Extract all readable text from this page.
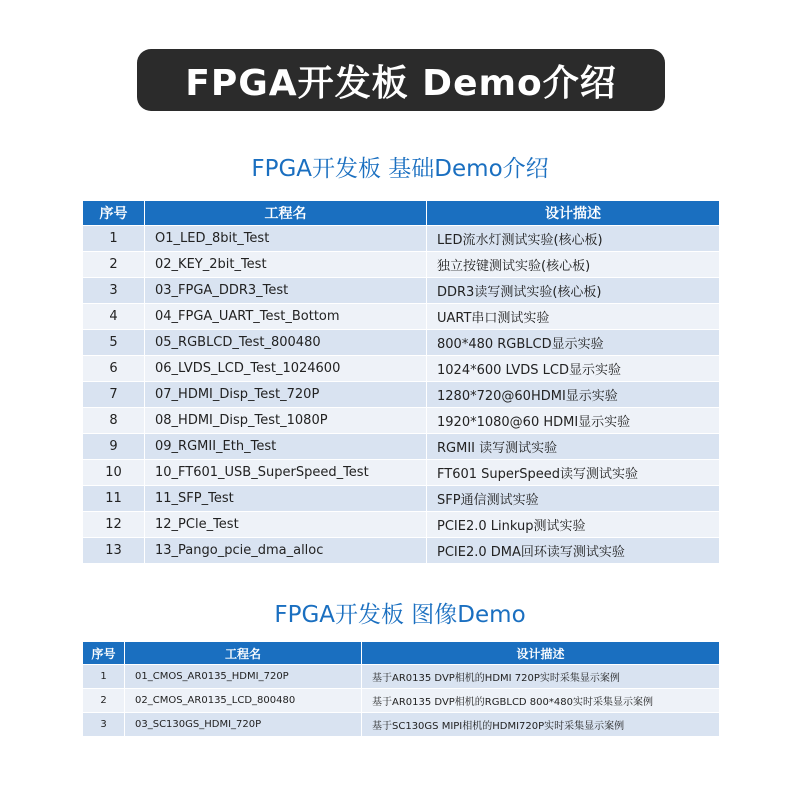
FPGA开发板 Demo介绍
FPGA开发板 基础Demo介绍
序号	工程名	设计描述
1	O1_LED_8bit_Test	LED流水灯测试实验(核心板)
2	02_KEY_2bit_Test	独立按键测试实验(核心板)
3	03_FPGA_DDR3_Test	DDR3读写测试实验(核心板)
4	04_FPGA_UART_Test_Bottom	UART串口测试实验
5	05_RGBLCD_Test_800480	800*480 RGBLCD显示实验
6	06_LVDS_LCD_Test_1024600	1024*600 LVDS LCD显示实验
7	07_HDMI_Disp_Test_720P	1280*720@60HDMI显示实验
8	08_HDMI_Disp_Test_1080P	1920*1080@60 HDMI显示实验
9	09_RGMII_Eth_Test	RGMII 读写测试实验
10	10_FT601_USB_SuperSpeed_Test	FT601 SuperSpeed读写测试实验
11	11_SFP_Test	SFP通信测试实验
12	12_PCle_Test	PCIE2.0 Linkup测试实验
13	13_Pango_pcie_dma_alloc	PCIE2.0 DMA回环读写测试实验
FPGA开发板 图像Demo
序号	工程名	设计描述
1	01_CMOS_AR0135_HDMI_720P	基于AR0135 DVP相机的HDMI 720P实时采集显示案例
2	02_CMOS_AR0135_LCD_800480	基于AR0135 DVP相机的RGBLCD 800*480实时采集显示案例
3	03_SC130GS_HDMI_720P	基于SC130GS MIPI相机的HDMI720P实时采集显示案例
